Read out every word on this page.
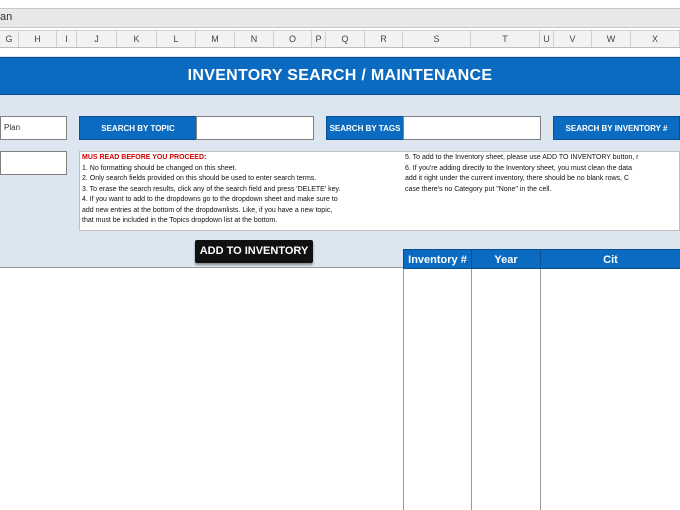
an
G	H	I	J	K	L	M	N	O	P	Q	R	S	T	U	V	W	X
INVENTORY SEARCH / MAINTENANCE
Plan	SEARCH BY TOPIC	SEARCH BY TAGS	SEARCH BY INVENTORY #

MUS READ BEFORE YOU PROCEED:

1. No formatting should be changed on this sheet.

2. Only search fields provided on this should be used to enter search terms.

3. To erase the search results, click any of the search field and press 'DELETE' key.

4. If you want to add to the dropdowns go to the dropdown sheet and make sure to

add new entries at the bottom of the dropdownlists. Like, if you have a new topic,

that must be included in the Topics dropdown list at the bottom.

5. To add to the Inventory sheet, please use ADD TO INVENTORY button, r

6. If you're adding directly to the Inventory sheet, you must clean the data

add it right under the current inventory, there should be no blank rows, C

case there's no Category put "None" in the cell.

ADD TO INVENTORY
Inventory #	Year	Cit
